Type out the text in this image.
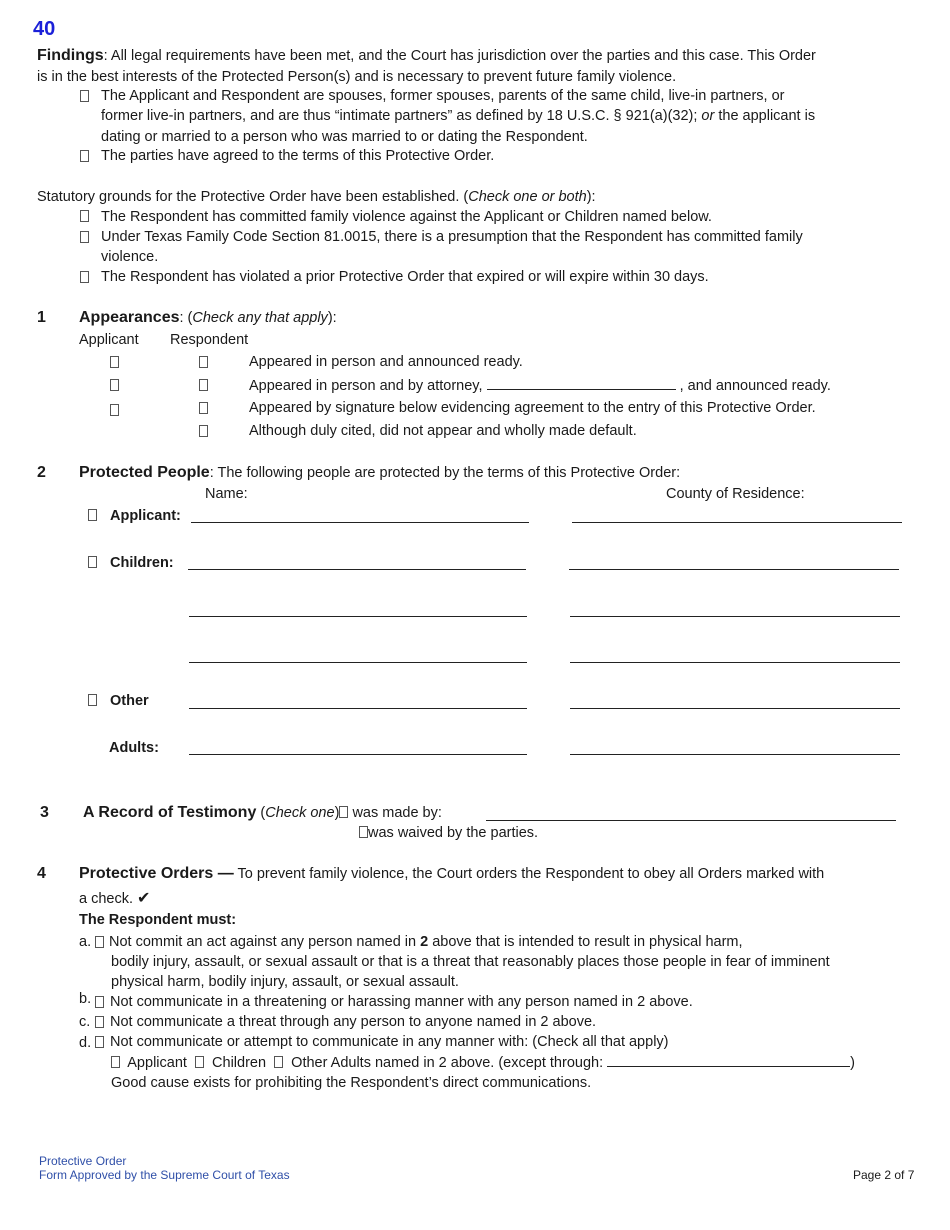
40
Findings: All legal requirements have been met, and the Court has jurisdiction over the parties and this case. This Order
is in the best interests of the Protected Person(s) and is necessary to prevent future family violence.
The Applicant and Respondent are spouses, former spouses, parents of the same child, live-in partners, or
former live-in partners, and are thus “intimate partners” as defined by 18 U.S.C. § 921(a)(32); or the applicant is
dating or married to a person who was married to or dating the Respondent.
The parties have agreed to the terms of this Protective Order.
Statutory grounds for the Protective Order have been established. (Check one or both):
The Respondent has committed family violence against the Applicant or Children named below.
Under Texas Family Code Section 81.0015, there is a presumption that the Respondent has committed family
violence.
The Respondent has violated a prior Protective Order that expired or will expire within 30 days.
1 Appearances: (Check any that apply):
Applicant Respondent
Appeared in person and announced ready.
Appeared in person and by attorney,	, and announced ready.
Appeared by signature below evidencing agreement to the entry of this Protective Order.
Although duly cited, did not appear and wholly made default.
2 Protected People: The following people are protected by the terms of this Protective Order:
Name:	County of Residence:
Applicant:
Children:
Other
Adults:
3 A Record of Testimony (Check one) was made by:
was waived by the parties.
4 Protective Orders — To prevent family violence, the Court orders the Respondent to obey all Orders marked with
a check. ✔
The Respondent must:
a. Not commit an act against any person named in 2 above that is intended to result in physical harm,
bodily injury, assault, or sexual assault or that is a threat that reasonably places those people in fear of imminent
physical harm, bodily injury, assault, or sexual assault.
b. Not communicate in a threatening or harassing manner with any person named in 2 above.
c. Not communicate a threat through any person to anyone named in 2 above.
d. Not communicate or attempt to communicate in any manner with: (Check all that apply)
Applicant Children Other Adults named in 2 above. (except through:	)
Good cause exists for prohibiting the Respondent’s direct communications.
Protective Order
Form Approved by the Supreme Court of Texas	Page 2 of 7
